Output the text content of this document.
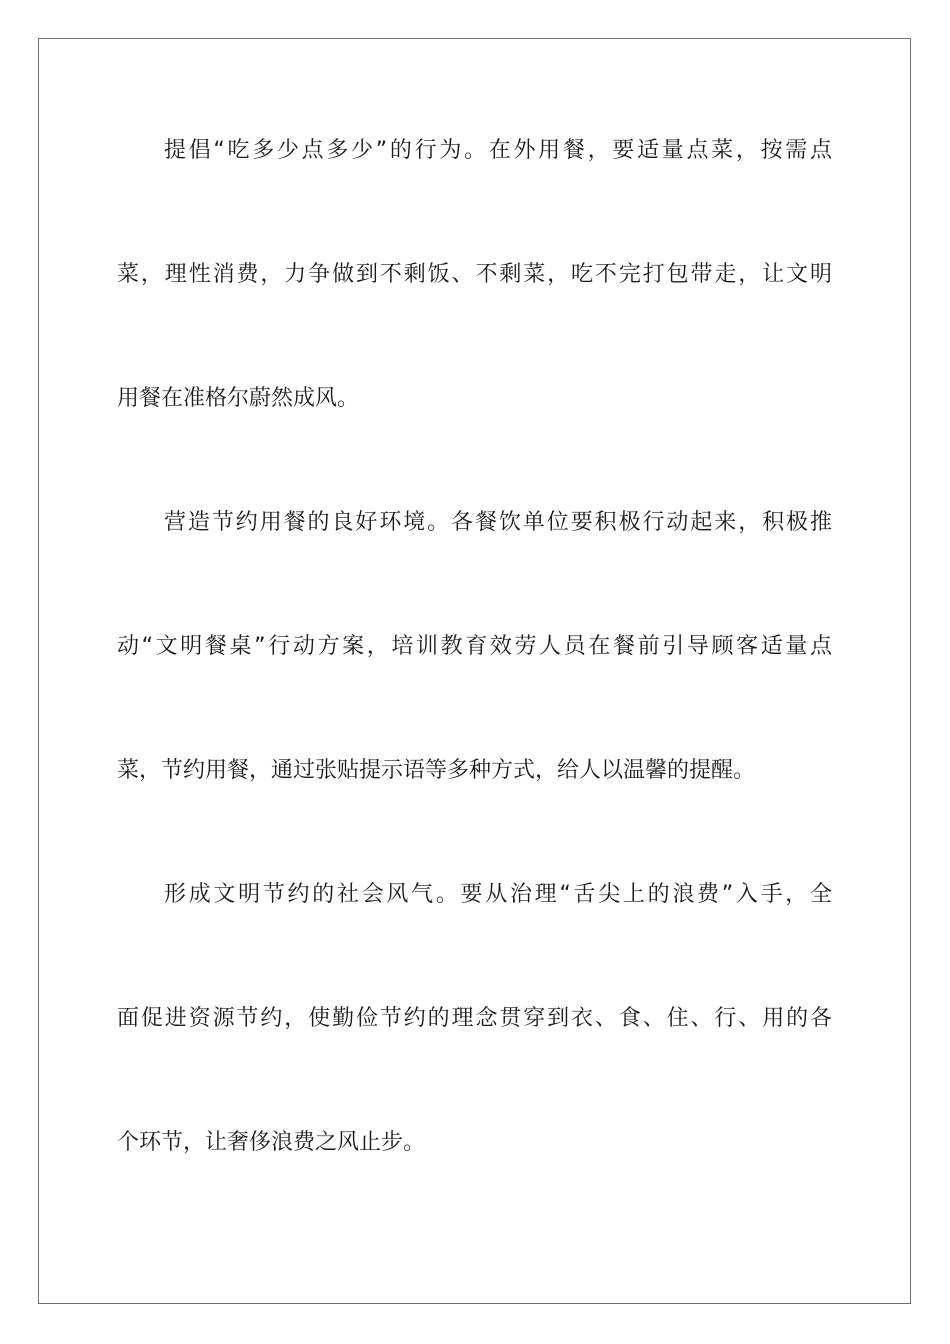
提倡“吃多少点多少”的行为。在外用餐，要适量点菜，按需点
菜，理性消费，力争做到不剩饭、不剩菜，吃不完打包带走，让文明
用餐在准格尔蔚然成风。
营造节约用餐的良好环境。各餐饮单位要积极行动起来，积极推
动“文明餐桌”行动方案，培训教育效劳人员在餐前引导顾客适量点
菜，节约用餐，通过张贴提示语等多种方式，给人以温馨的提醒。
形成文明节约的社会风气。要从治理“舌尖上的浪费”入手，全
面促进资源节约，使勤俭节约的理念贯穿到衣、食、住、行、用的各
个环节，让奢侈浪费之风止步。
